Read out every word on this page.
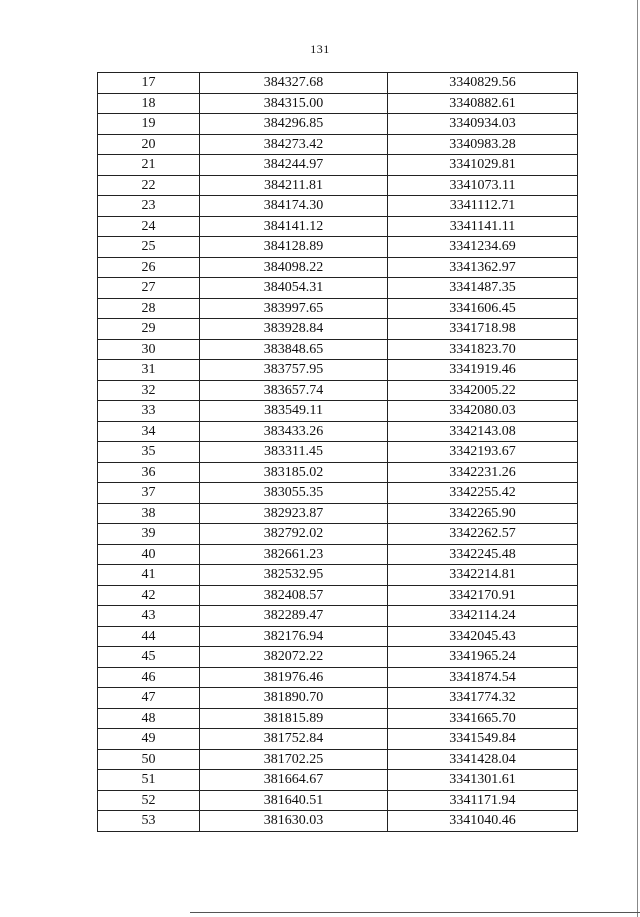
131
17	384327.68	3340829.56
18	384315.00	3340882.61
19	384296.85	3340934.03
20	384273.42	3340983.28
21	384244.97	3341029.81
22	384211.81	3341073.11
23	384174.30	3341112.71
24	384141.12	3341141.11
25	384128.89	3341234.69
26	384098.22	3341362.97
27	384054.31	3341487.35
28	383997.65	3341606.45
29	383928.84	3341718.98
30	383848.65	3341823.70
31	383757.95	3341919.46
32	383657.74	3342005.22
33	383549.11	3342080.03
34	383433.26	3342143.08
35	383311.45	3342193.67
36	383185.02	3342231.26
37	383055.35	3342255.42
38	382923.87	3342265.90
39	382792.02	3342262.57
40	382661.23	3342245.48
41	382532.95	3342214.81
42	382408.57	3342170.91
43	382289.47	3342114.24
44	382176.94	3342045.43
45	382072.22	3341965.24
46	381976.46	3341874.54
47	381890.70	3341774.32
48	381815.89	3341665.70
49	381752.84	3341549.84
50	381702.25	3341428.04
51	381664.67	3341301.61
52	381640.51	3341171.94
53	381630.03	3341040.46
